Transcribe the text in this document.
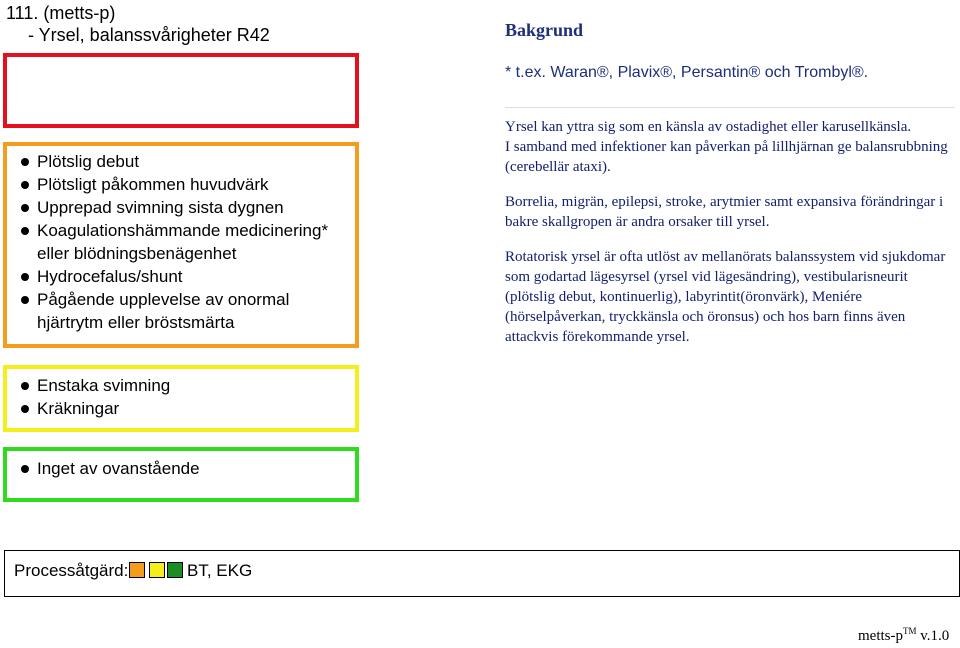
111. (metts-p)
- Yrsel, balanssvårigheter R42	Bakgrund
* t.ex. Waran®, Plavix®, Persantin® och Trombyl®.
Plötslig debut
Plötsligt påkommen huvudvärk
Upprepad svimning sista dygnen
Koagulationshämmande medicinering*
eller blödningsbenägenhet
Hydrocefalus/shunt
Pågående upplevelse av onormal
hjärtrytm eller bröstsmärta
Enstaka svimning
Kräkningar
Inget av ovanstående

Yrsel kan yttra sig som en känsla av ostadighet eller karusellkänsla.

I samband med infektioner kan påverkan på lillhjärnan ge balansrubbning (cerebellär ataxi).

Borrelia, migrän, epilepsi, stroke, arytmier samt expansiva förändringar i bakre skallgropen är andra orsaker till yrsel.

Rotatorisk yrsel är ofta utlöst av mellanörats balanssystem vid sjukdomar som godartad lägesyrsel (yrsel vid lägesändring), vestibularisneurit (plötslig debut, kontinuerlig), labyrintit(öronvärk), Meniére (hörselpåverkan, tryckkänsla och öronsus) och hos barn finns även attackvis förekommande yrsel.

Processåtgärd:	BT, EKG
metts-p™ v.1.0
